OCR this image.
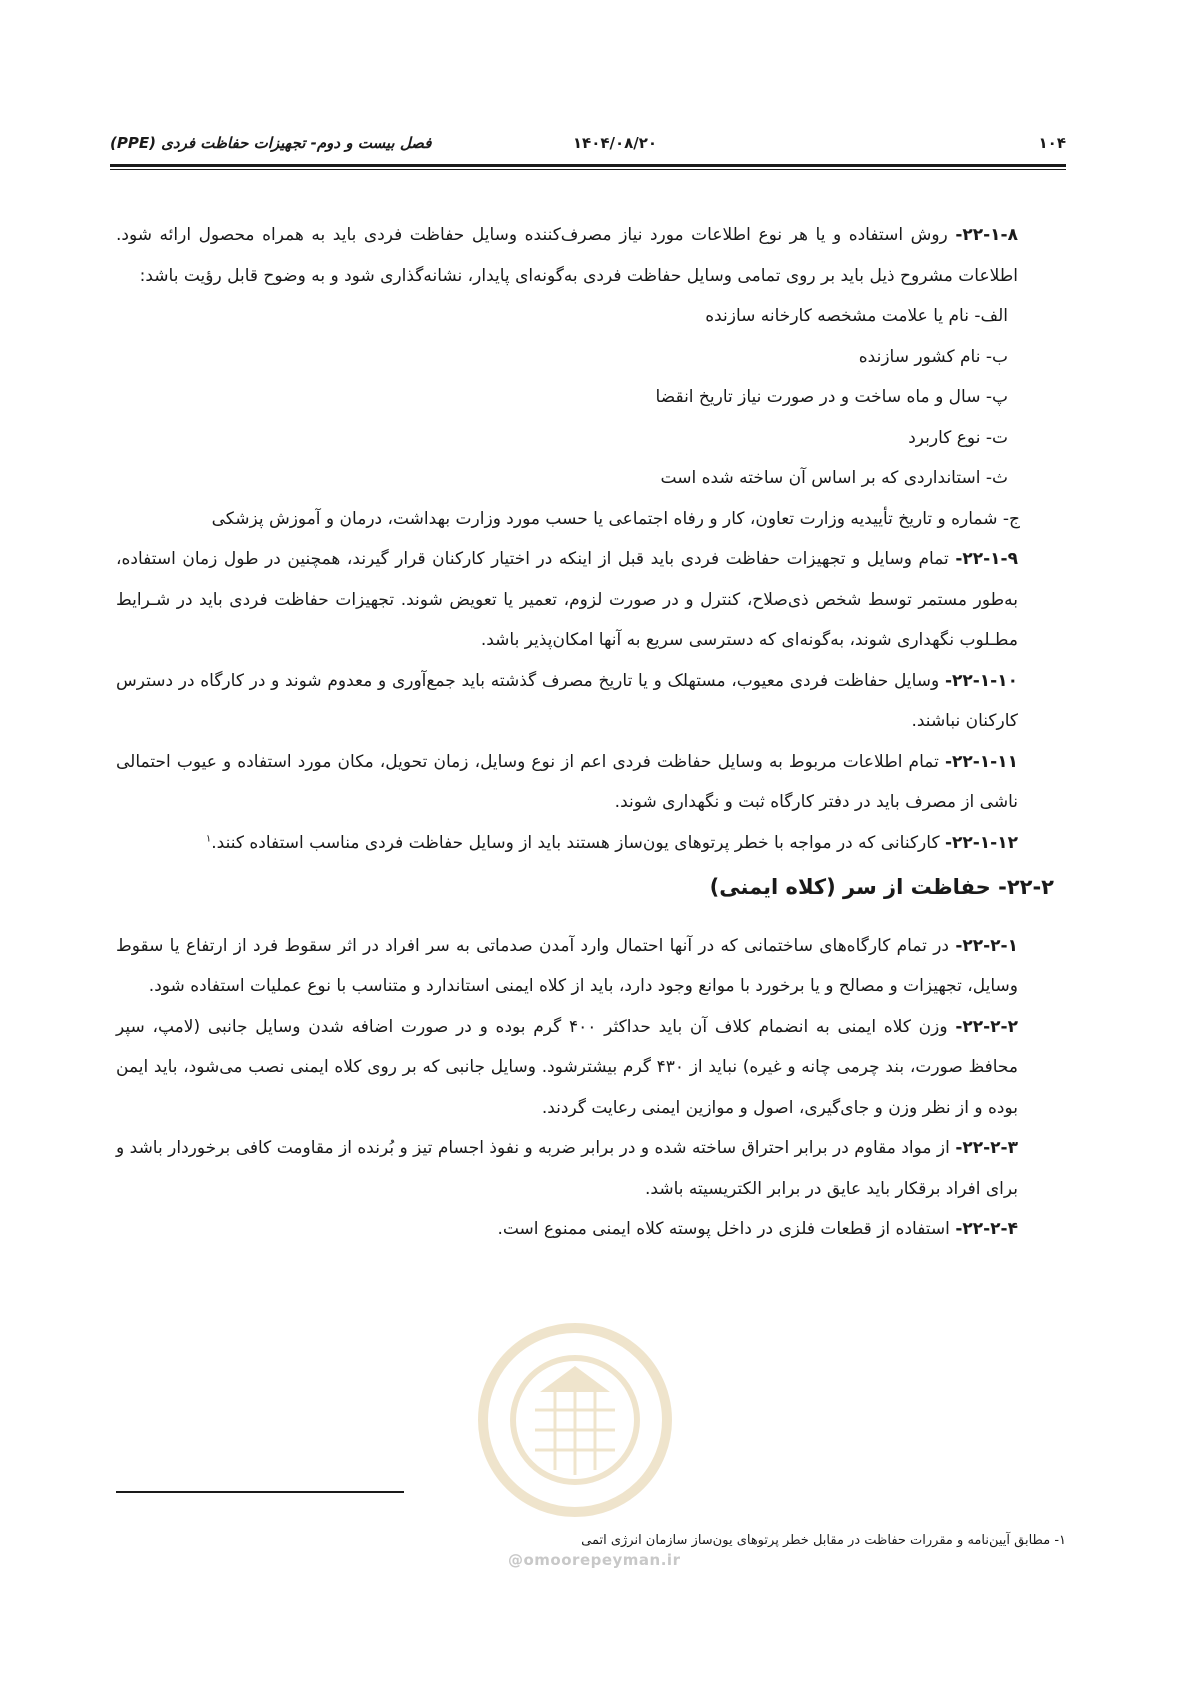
۱۰۴
۱۴۰۴/۰۸/۲۰
فصل بیست و دوم- تجهیزات حفاظت فردی (PPE)

۲۲-۱-۸- روش استفاده و یا هر نوع اطلاعات مورد نیاز مصرف‌کننده وسایل حفاظت فردی باید به همراه محصول ارائه شود. اطلاعات مشروح ذیل باید بر روی تمامی وسایل حفاظت فردی به‌گونه‌ای پایدار، نشانه‌گذاری شود و به وضوح قابل رؤیت باشد:

الف- نام یا علامت مشخصه کارخانه سازنده

ب- نام کشور سازنده

پ- سال و ماه ساخت و در صورت نیاز تاریخ انقضا

ت- نوع کاربرد

ث- استانداردی که بر اساس آن ساخته شده است

ج- شماره و تاریخ تأییدیه وزارت تعاون، کار و رفاه اجتماعی یا حسب مورد وزارت بهداشت، درمان و آموزش پزشکی

۲۲-۱-۹- تمام وسایل و تجهیزات حفاظت فردی باید قبل از اینکه در اختیار کارکنان قرار گیرند، همچنین در طول زمان استفاده، به‌طور مستمر توسط شخص ذی‌صلاح، کنترل و در صورت لزوم، تعمیر یا تعویض شوند. تجهیزات حفاظت فردی باید در شـرایط مطـلوب نگهداری شوند، به‌گونه‌ای که دسترسی سریع به آنها امکان‌پذیر باشد.

۲۲-۱-۱۰- وسایل حفاظت فردی معیوب، مستهلک و یا تاریخ مصرف گذشته باید جمع‌آوری و معدوم شوند و در کارگاه در دسترس کارکنان نباشند.

۲۲-۱-۱۱- تمام اطلاعات مربوط به وسایل حفاظت فردی اعم از نوع وسایل، زمان تحویل، مکان مورد استفاده و عیوب احتمالی ناشی از مصرف باید در دفتر کارگاه ثبت و نگهداری شوند.

۲۲-۱-۱۲- کارکنانی که در مواجه با خطر پرتوهای یون‌ساز هستند باید از وسایل حفاظت فردی مناسب استفاده کنند.$^۱$

۲۲-۲- حفاظت از سر (کلاه ایمنی)

۲۲-۲-۱- در تمام کارگاه‌های ساختمانی که در آنها احتمال وارد آمدن صدماتی به سر افراد در اثر سقوط فرد از ارتفاع یا سقوط وسایل، تجهیزات و مصالح و یا برخورد با موانع وجود دارد، باید از کلاه ایمنی استاندارد و متناسب با نوع عملیات استفاده شود.

۲۲-۲-۲- وزن کلاه ایمنی به انضمام کلاف آن باید حداکثر ۴۰۰ گرم بوده و در صورت اضافه شدن وسایل جانبی (لامپ، سپر محافظ صورت، بند چرمی چانه و غیره) نباید از ۴۳۰ گرم بیشترشود. وسایل جانبی که بر روی کلاه ایمنی نصب می‌شود، باید ایمن بوده و از نظر وزن و جای‌گیری، اصول و موازین ایمنی رعایت گردند.

۲۲-۲-۳- از مواد مقاوم در برابر احتراق ساخته شده و در برابر ضربه و نفوذ اجسام تیز و بُرنده از مقاومت کافی برخوردار باشد و برای افراد برقکار باید عایق در برابر الکتریسیته باشد.

۲۲-۲-۴- استفاده از قطعات فلزی در داخل پوسته کلاه ایمنی ممنوع است.

@omoorepeyman.ir
۱- مطابق آیین‌نامه و مقررات حفاظت در مقابل خطر پرتوهای یون‌ساز سازمان انرژی اتمی
